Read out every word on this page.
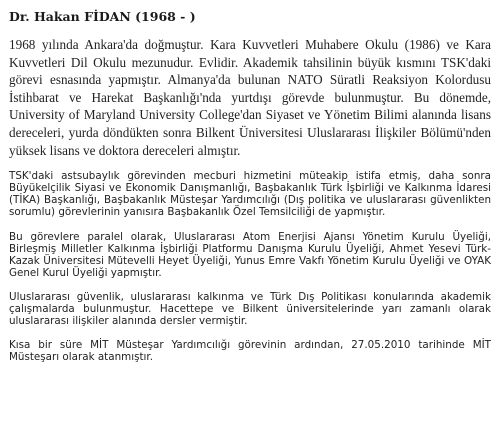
Dr. Hakan FİDAN (1968 - )

1968 yılında Ankara'da doğmuştur. Kara Kuvvetleri Muhabere Okulu (1986) ve Kara Kuvvetleri Dil Okulu mezunudur. Evlidir. Akademik tahsilinin büyük kısmını TSK'daki görevi esnasında yapmıştır. Almanya'da bulunan NATO Süratli Reaksiyon Kolordusu İstihbarat ve Harekat Başkanlığı'nda yurtdışı görevde bulunmuştur. Bu dönemde, University of Maryland University College'dan Siyaset ve Yönetim Bilimi alanında lisans dereceleri, yurda döndükten sonra Bilkent Üniversitesi Uluslararası İlişkiler Bölümü'nden yüksek lisans ve doktora dereceleri almıştır.

TSK'daki astsubaylık görevinden mecburi hizmetini müteakip istifa etmiş, daha sonra Büyükelçilik Siyasi ve Ekonomik Danışmanlığı, Başbakanlık Türk İşbirliği ve Kalkınma İdaresi (TİKA) Başkanlığı, Başbakanlık Müsteşar Yardımcılığı (Dış politika ve uluslararası güvenlikten sorumlu) görevlerinin yanısıra Başbakanlık Özel Temsilciliği de yapmıştır.

Bu görevlere paralel olarak, Uluslararası Atom Enerjisi Ajansı Yönetim Kurulu Üyeliği, Birleşmiş Milletler Kalkınma İşbirliği Platformu Danışma Kurulu Üyeliği, Ahmet Yesevi Türk-Kazak Üniversitesi Mütevelli Heyet Üyeliği, Yunus Emre Vakfı Yönetim Kurulu Üyeliği ve OYAK Genel Kurul Üyeliği yapmıştır.

Uluslararası güvenlik, uluslararası kalkınma ve Türk Dış Politikası konularında akademik çalışmalarda bulunmuştur. Hacettepe ve Bilkent üniversitelerinde yarı zamanlı olarak uluslararası ilişkiler alanında dersler vermiştir.

Kısa bir süre MİT Müsteşar Yardımcılığı görevinin ardından, 27.05.2010 tarihinde MİT Müsteşarı olarak atanmıştır.
